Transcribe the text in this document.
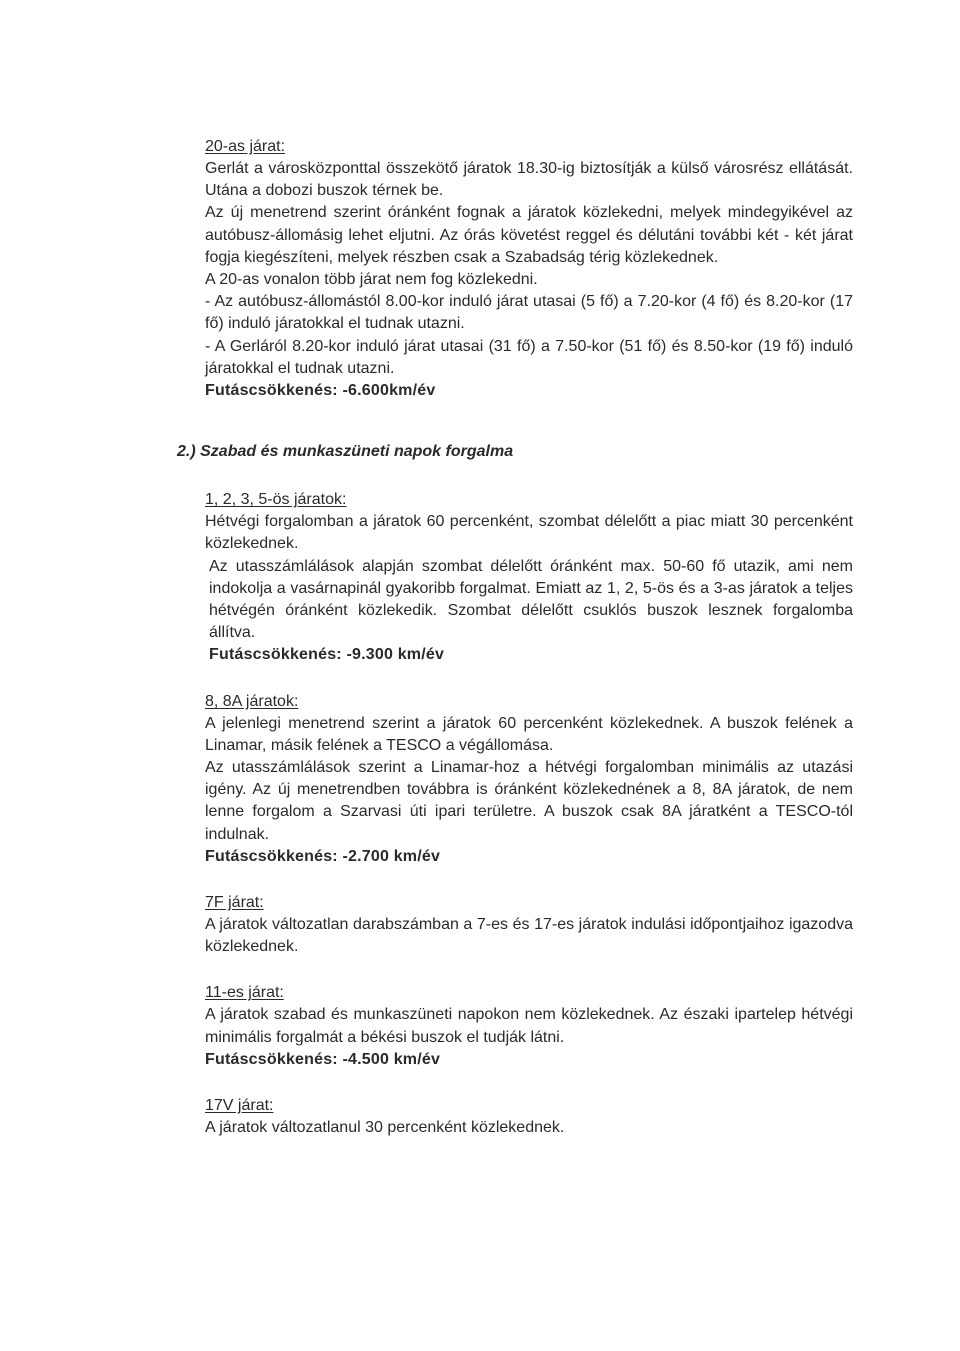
20-as járat:

Gerlát a városközponttal összekötő járatok 18.30-ig biztosítják a külső városrész ellátását. Utána a dobozi buszok térnek be.

Az új menetrend szerint óránként fognak a járatok közlekedni, melyek mindegyikével az autóbusz-állomásig lehet eljutni. Az órás követést reggel és délutáni további két - két járat fogja kiegészíteni, melyek részben csak a Szabadság térig közlekednek.

A 20-as vonalon több járat nem fog közlekedni.

- Az autóbusz-állomástól 8.00-kor induló járat utasai (5 fő) a 7.20-kor (4 fő) és 8.20-kor (17 fő) induló járatokkal el tudnak utazni.

- A Gerláról 8.20-kor induló járat utasai (31 fő) a 7.50-kor (51 fő) és 8.50-kor (19 fő) induló járatokkal el tudnak utazni.

Futáscsökkenés: -6.600km/év
2.) Szabad és munkaszüneti napok forgalma
1, 2, 3, 5-ös járatok:

Hétvégi forgalomban a járatok 60 percenként, szombat délelőtt a piac miatt 30 percenként közlekednek.

Az utasszámlálások alapján szombat délelőtt óránként max. 50-60 fő utazik, ami nem indokolja a vasárnapinál gyakoribb forgalmat. Emiatt az 1, 2, 5-ös és a 3-as járatok a teljes hétvégén óránként közlekedik. Szombat délelőtt csuklós buszok lesznek forgalomba állítva.

Futáscsökkenés: -9.300 km/év
8, 8A járatok:

A jelenlegi menetrend szerint a járatok 60 percenként közlekednek. A buszok felének a Linamar, másik felének a TESCO a végállomása.

Az utasszámlálások szerint a Linamar-hoz a hétvégi forgalomban minimális az utazási igény. Az új menetrendben továbbra is óránként közlekednének a 8, 8A járatok, de nem lenne forgalom a Szarvasi úti ipari területre. A buszok csak 8A járatként a TESCO-tól indulnak.

Futáscsökkenés: -2.700 km/év
7F járat:

A járatok változatlan darabszámban a 7-es és 17-es járatok indulási időpontjaihoz igazodva közlekednek.

11-es járat:

A járatok szabad és munkaszüneti napokon nem közlekednek. Az északi ipartelep hétvégi minimális forgalmát a békési buszok el tudják látni.

Futáscsökkenés: -4.500 km/év
17V járat:

A járatok változatlanul 30 percenként közlekednek.
